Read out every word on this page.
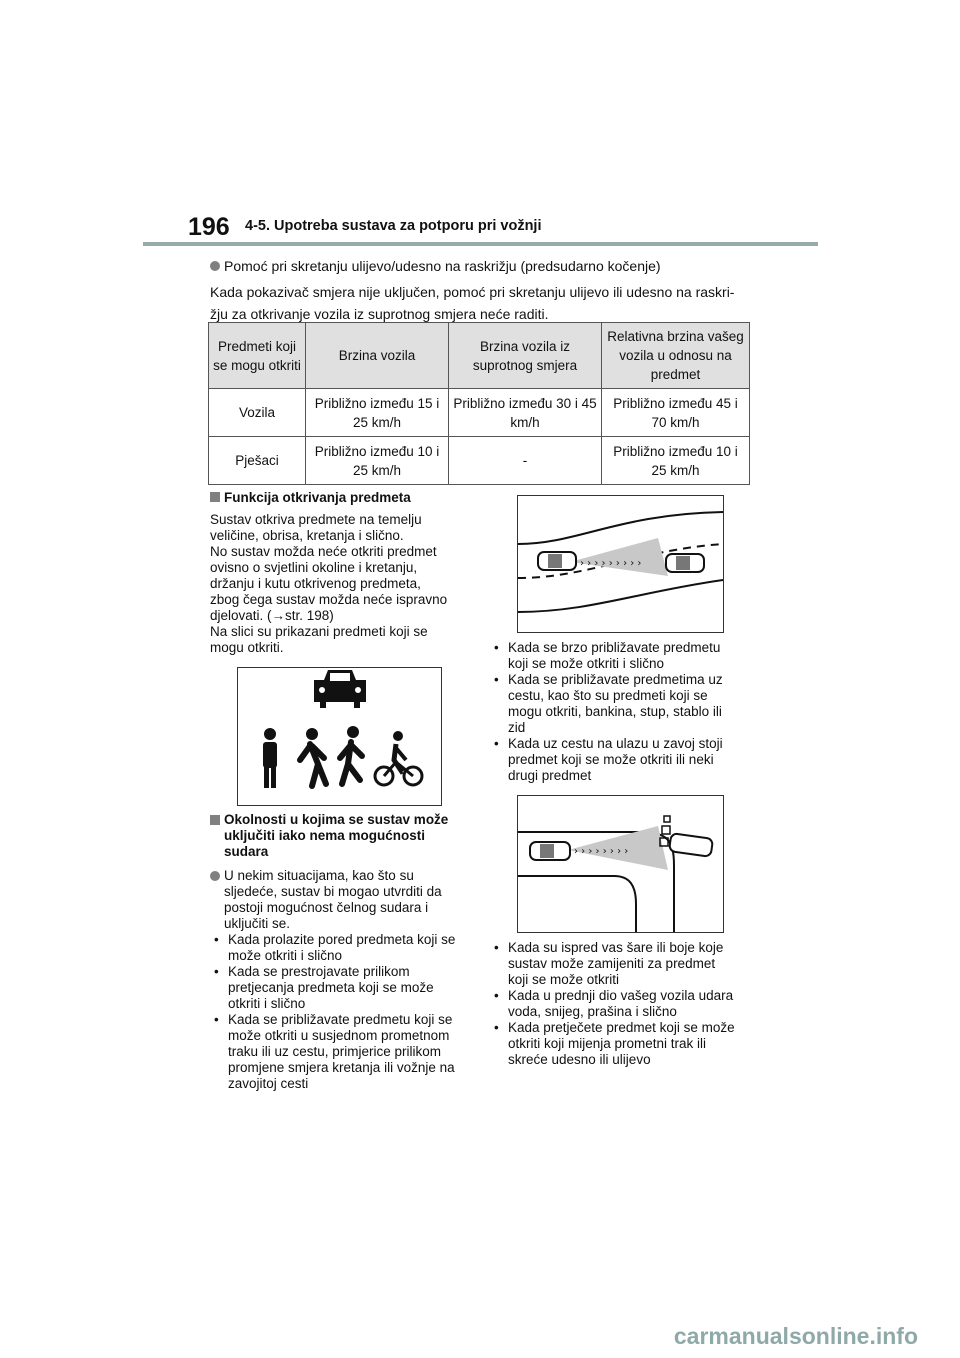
196 4-5. Upotreba sustava za potporu pri vožnji
Pomoć pri skretanju ulijevo/udesno na raskrižju (predsudarno kočenje)
Kada pokazivač smjera nije uključen, pomoć pri skretanju ulijevo ili udesno na raskri-
žju za otkrivanje vozila iz suprotnog smjera neće raditi.
Predmeti koji se mogu otkriti	Brzina vozila	Brzina vozila iz suprotnog smjera	Relativna brzina vašeg vozila u odnosu na predmet
Vozila	Približno između 15 i 25 km/h	Približno između 30 i 45 km/h	Približno između 45 i 70 km/h
Pješaci	Približno između 10 i 25 km/h	-	Približno između 10 i 25 km/h
Funkcija otkrivanja predmeta
Sustav otkriva predmete na temelju
veličine, obrisa, kretanja i slično.
No sustav možda neće otkriti predmet
ovisno o svjetlini okoline i kretanju,
držanju i kutu otkrivenog predmeta,
zbog čega sustav možda neće ispravno
djelovati. (→str. 198)
Na slici su prikazani predmeti koji se
mogu otkriti.
Okolnosti u kojima se sustav može
uključiti iako nema mogućnosti
sudara
U nekim situacijama, kao što su
sljedeće, sustav bi mogao utvrditi da
postoji mogućnost čelnog sudara i
uključiti se.
• Kada prolazite pored predmeta koji se
može otkriti i slično
• Kada se prestrojavate prilikom
pretjecanja predmeta koji se može
otkriti i slično
• Kada se približavate predmetu koji se
može otkriti u susjednom prometnom
traku ili uz cestu, primjerice prilikom
promjene smjera kretanja ili vožnje na
zavojitoj cesti
› › › › › › › › ›
• Kada se brzo približavate predmetu
koji se može otkriti i slično
• Kada se približavate predmetima uz
cestu, kao što su predmeti koji se
mogu otkriti, bankina, stup, stablo ili
zid
• Kada uz cestu na ulazu u zavoj stoji
predmet koji se može otkriti ili neki
drugi predmet
› › › › › › › ›
• Kada su ispred vas šare ili boje koje
sustav može zamijeniti za predmet
koji se može otkriti
• Kada u prednji dio vašeg vozila udara
voda, snijeg, prašina i slično
• Kada pretječete predmet koji se može
otkriti koji mijenja prometni trak ili
skreće udesno ili ulijevo
carmanualsonline.info
